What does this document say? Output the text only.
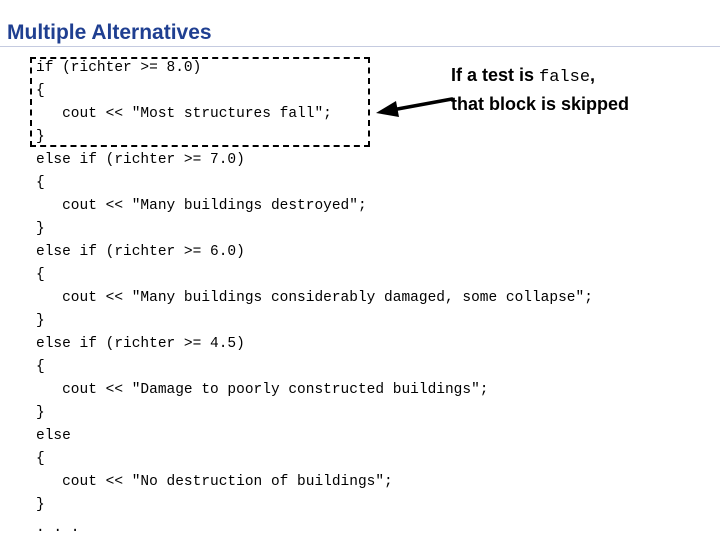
Multiple Alternatives
if (richter >= 8.0)
{
cout << "Most structures fall";
}
else if (richter >= 7.0)
{
cout << "Many buildings destroyed";
}
else if (richter >= 6.0)
{
cout << "Many buildings considerably damaged, some collapse";
}
else if (richter >= 4.5)
{
cout << "Damage to poorly constructed buildings";
}
else
{
cout << "No destruction of buildings";
}
. . .
If a test is false,
that block is skipped
